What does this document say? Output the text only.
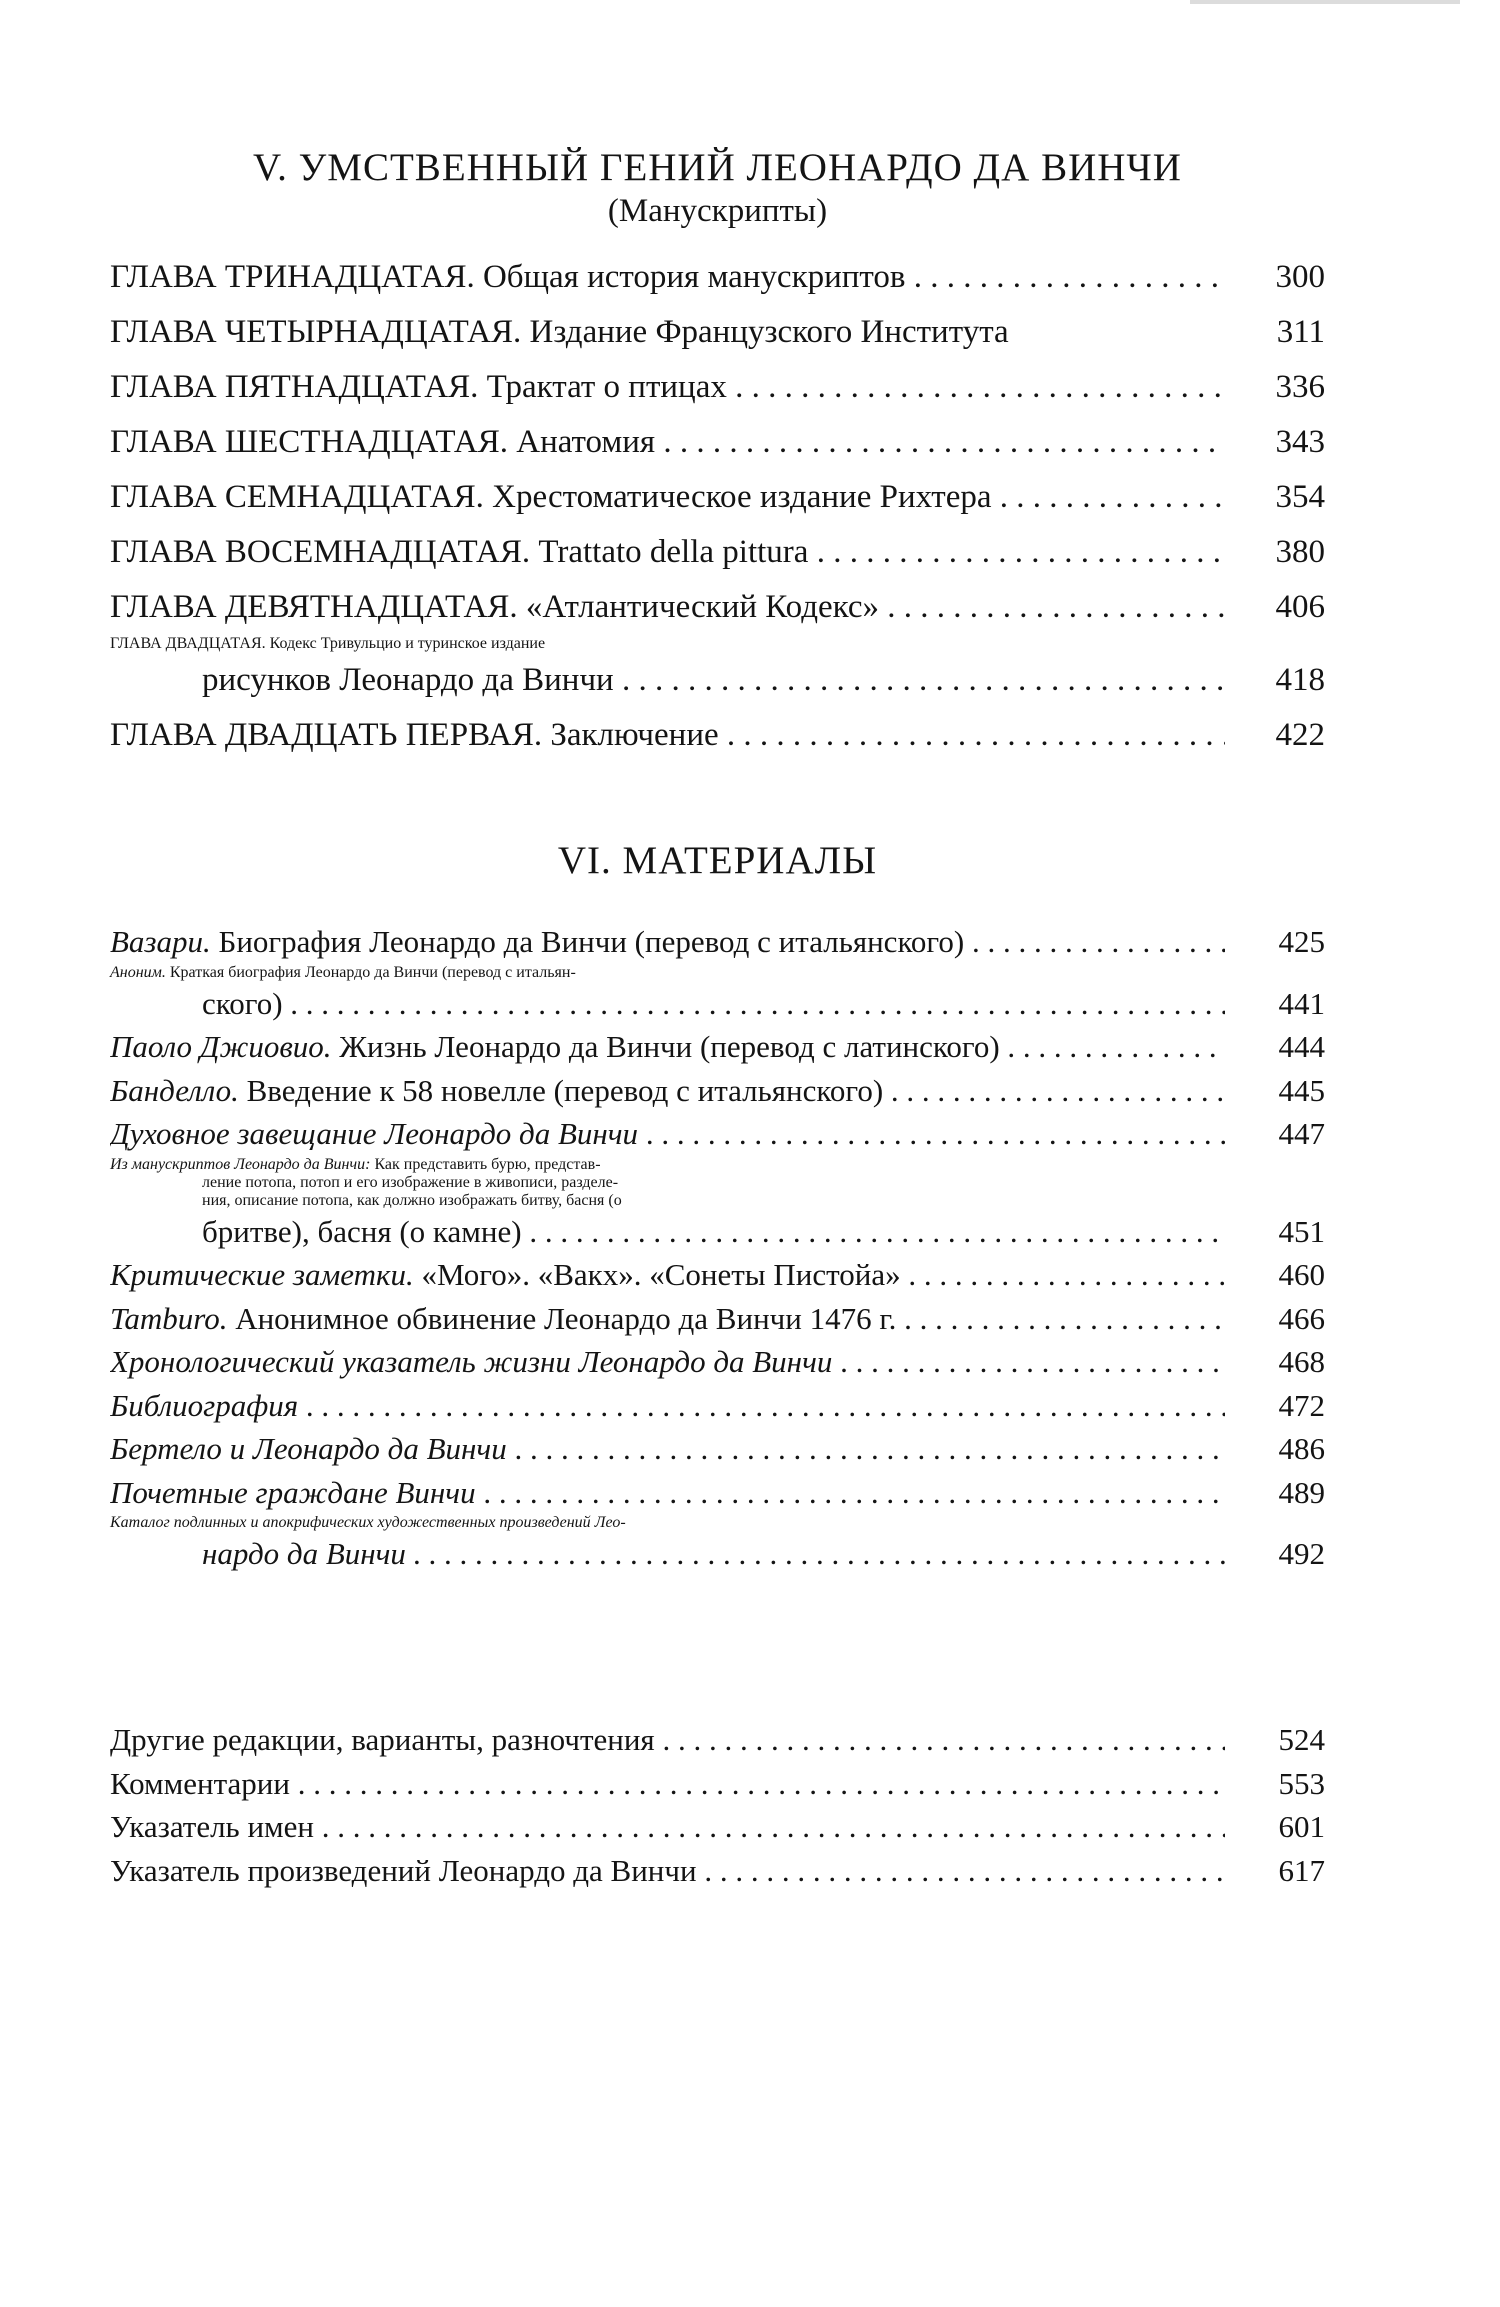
V. УМСТВЕННЫЙ ГЕНИЙ ЛЕОНАРДО ДА ВИНЧИ
(Манускрипты)
ГЛАВА ТРИНАДЦАТАЯ. Общая история манускриптов . . .	300
ГЛАВА ЧЕТЫРНАДЦАТАЯ. Издание Французского Института	311
ГЛАВА ПЯТНАДЦАТАЯ. Трактат о птицах . . .	336
ГЛАВА ШЕСТНАДЦАТАЯ. Анатомия . . .	343
ГЛАВА СЕМНАДЦАТАЯ. Хрестоматическое издание Рихтера . . .	354
ГЛАВА ВОСЕМНАДЦАТАЯ. Trattato della pittura . . .	380
ГЛАВА ДЕВЯТНАДЦАТАЯ. «Атлантический Кодекс» . . .	406
ГЛАВА ДВАДЦАТАЯ. Кодекс Тривульцио и туринское издание
рисунков Леонардо да Винчи . . .	418
ГЛАВА ДВАДЦАТЬ ПЕРВАЯ. Заключение . . .	422
VI. МАТЕРИАЛЫ
Вазари. Биография Леонардо да Винчи (перевод с итальянского) . . .	425
Аноним. Краткая биография Леонардо да Винчи (перевод с итальян-
ского) . . .	441
Паоло Джиовио. Жизнь Леонардо да Винчи (перевод с латинского) . . .	444
Банделло. Введение к 58 новелле (перевод с итальянского) . . .	445
Духовное завещание Леонардо да Винчи . . .	447
Из манускриптов Леонардо да Винчи: Как представить бурю, представ-
ление потопа, потоп и его изображение в живописи, разделе-
ния, описание потопа, как должно изображать битву, басня (о
бритве), басня (о камне) . . .	451
Критические заметки. «Мого». «Вакх». «Сонеты Пистойа» . . .	460
Tamburo. Анонимное обвинение Леонардо да Винчи 1476 г. . . .	466
Хронологический указатель жизни Леонардо да Винчи . . .	468
Библиография . . .	472
Бертело и Леонардо да Винчи . . .	486
Почетные граждане Винчи . . .	489
Каталог подлинных и апокрифических художественных произведений Лео-
нардо да Винчи . . .	492
Другие редакции, варианты, разночтения . . .	524
Комментарии . . .	553
Указатель имен . . .	601
Указатель произведений Леонардо да Винчи . . .	617
